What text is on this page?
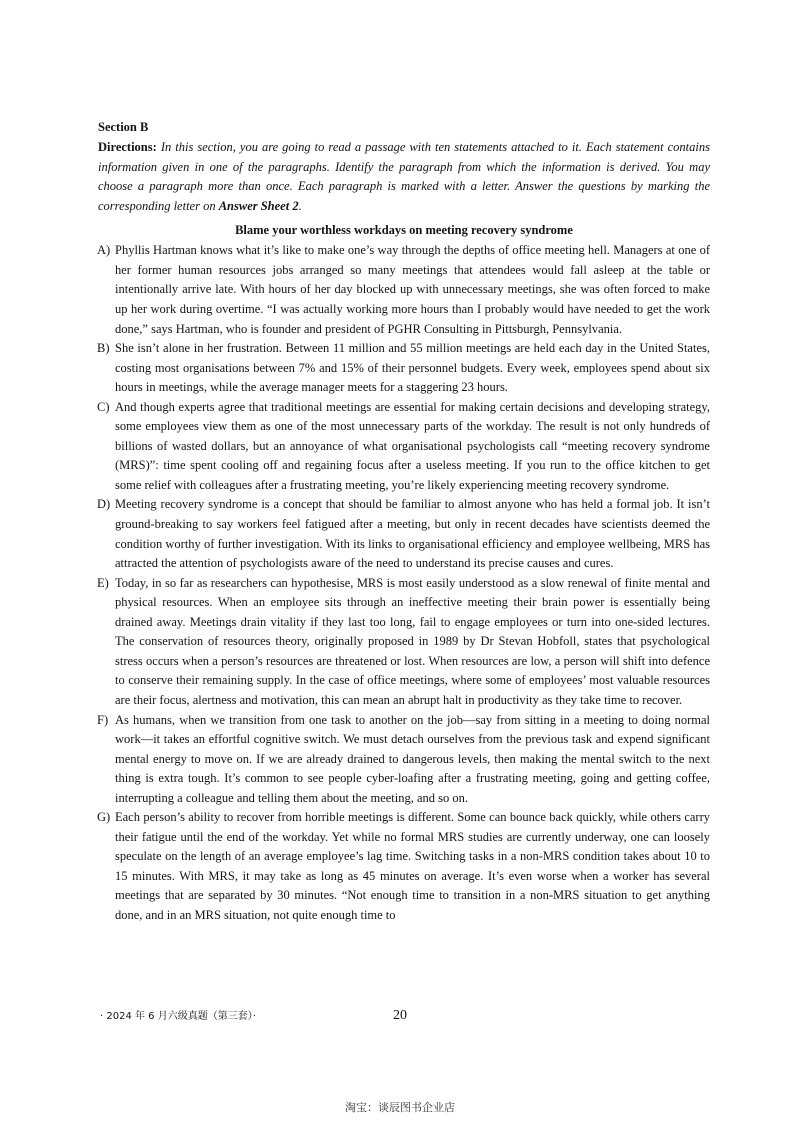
Section B

Directions: In this section, you are going to read a passage with ten statements attached to it. Each statement contains information given in one of the paragraphs. Identify the paragraph from which the information is derived. You may choose a paragraph more than once. Each paragraph is marked with a letter. Answer the questions by marking the corresponding letter on Answer Sheet 2.

Blame your worthless workdays on meeting recovery syndrome

A) Phyllis Hartman knows what it’s like to make one’s way through the depths of office meeting hell. Managers at one of her former human resources jobs arranged so many meetings that attendees would fall asleep at the table or intentionally arrive late. With hours of her day blocked up with unnecessary meetings, she was often forced to make up her work during overtime. “I was actually working more hours than I probably would have needed to get the work done,” says Hartman, who is founder and president of PGHR Consulting in Pittsburgh, Pennsylvania.
B) She isn’t alone in her frustration. Between 11 million and 55 million meetings are held each day in the United States, costing most organisations between 7% and 15% of their personnel budgets. Every week, employees spend about six hours in meetings, while the average manager meets for a staggering 23 hours.
C) And though experts agree that traditional meetings are essential for making certain decisions and developing strategy, some employees view them as one of the most unnecessary parts of the workday. The result is not only hundreds of billions of wasted dollars, but an annoyance of what organisational psychologists call “meeting recovery syndrome (MRS)”: time spent cooling off and regaining focus after a useless meeting. If you run to the office kitchen to get some relief with colleagues after a frustrating meeting, you’re likely experiencing meeting recovery syndrome.
D) Meeting recovery syndrome is a concept that should be familiar to almost anyone who has held a formal job. It isn’t ground-breaking to say workers feel fatigued after a meeting, but only in recent decades have scientists deemed the condition worthy of further investigation. With its links to organisational efficiency and employee wellbeing, MRS has attracted the attention of psychologists aware of the need to understand its precise causes and cures.
E) Today, in so far as researchers can hypothesise, MRS is most easily understood as a slow renewal of finite mental and physical resources. When an employee sits through an ineffective meeting their brain power is essentially being drained away. Meetings drain vitality if they last too long, fail to engage employees or turn into one-sided lectures. The conservation of resources theory, originally proposed in 1989 by Dr Stevan Hobfoll, states that psychological stress occurs when a person’s resources are threatened or lost. When resources are low, a person will shift into defence to conserve their remaining supply. In the case of office meetings, where some of employees’ most valuable resources are their focus, alertness and motivation, this can mean an abrupt halt in productivity as they take time to recover.
F) As humans, when we transition from one task to another on the job—say from sitting in a meeting to doing normal work—it takes an effortful cognitive switch. We must detach ourselves from the previous task and expend significant mental energy to move on. If we are already drained to dangerous levels, then making the mental switch to the next thing is extra tough. It’s common to see people cyber-loafing after a frustrating meeting, going and getting coffee, interrupting a colleague and telling them about the meeting, and so on.
G) Each person’s ability to recover from horrible meetings is different. Some can bounce back quickly, while others carry their fatigue until the end of the workday. Yet while no formal MRS studies are currently underway, one can loosely speculate on the length of an average employee’s lag time. Switching tasks in a non-MRS condition takes about 10 to 15 minutes. With MRS, it may take as long as 45 minutes on average. It’s even worse when a worker has several meetings that are separated by 30 minutes. “Not enough time to transition in a non-MRS situation to get anything done, and in an MRS situation, not quite enough time to
· 2024 年 6 月六级真题（第三套）·	20
淘宝：谈辰图书企业店
